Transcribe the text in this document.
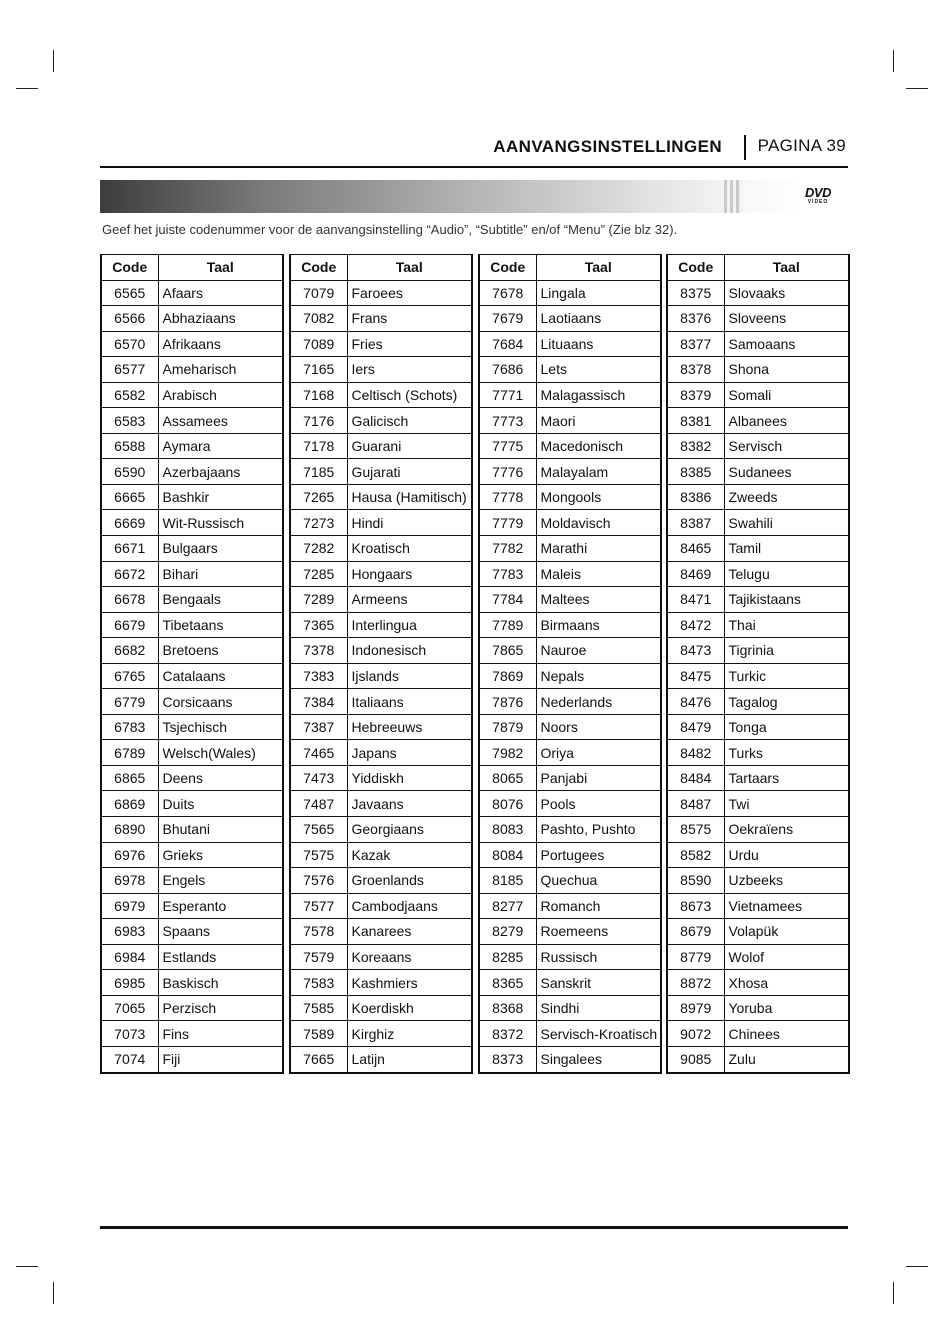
AANVANGSINSTELLINGEN PAGINA 39
DVD
VIDEO
Geef het juiste codenummer voor de aanvangsinstelling “Audio”, “Subtitle” en/of “Menu” (Zie blz 32).
Code	Taal
6565	Afaars
6566	Abhaziaans
6570	Afrikaans
6577	Ameharisch
6582	Arabisch
6583	Assamees
6588	Aymara
6590	Azerbajaans
6665	Bashkir
6669	Wit-Russisch
6671	Bulgaars
6672	Bihari
6678	Bengaals
6679	Tibetaans
6682	Bretoens
6765	Catalaans
6779	Corsicaans
6783	Tsjechisch
6789	Welsch(Wales)
6865	Deens
6869	Duits
6890	Bhutani
6976	Grieks
6978	Engels
6979	Esperanto
6983	Spaans
6984	Estlands
6985	Baskisch
7065	Perzisch
7073	Fins
7074	Fiji
Code	Taal
7079	Faroees
7082	Frans
7089	Fries
7165	Iers
7168	Celtisch (Schots)
7176	Galicisch
7178	Guarani
7185	Gujarati
7265	Hausa (Hamitisch)
7273	Hindi
7282	Kroatisch
7285	Hongaars
7289	Armeens
7365	Interlingua
7378	Indonesisch
7383	Ijslands
7384	Italiaans
7387	Hebreeuws
7465	Japans
7473	Yiddiskh
7487	Javaans
7565	Georgiaans
7575	Kazak
7576	Groenlands
7577	Cambodjaans
7578	Kanarees
7579	Koreaans
7583	Kashmiers
7585	Koerdiskh
7589	Kirghiz
7665	Latijn
Code	Taal
7678	Lingala
7679	Laotiaans
7684	Lituaans
7686	Lets
7771	Malagassisch
7773	Maori
7775	Macedonisch
7776	Malayalam
7778	Mongools
7779	Moldavisch
7782	Marathi
7783	Maleis
7784	Maltees
7789	Birmaans
7865	Nauroe
7869	Nepals
7876	Nederlands
7879	Noors
7982	Oriya
8065	Panjabi
8076	Pools
8083	Pashto, Pushto
8084	Portugees
8185	Quechua
8277	Romanch
8279	Roemeens
8285	Russisch
8365	Sanskrit
8368	Sindhi
8372	Servisch-Kroatisch
8373	Singalees
Code	Taal
8375	Slovaaks
8376	Sloveens
8377	Samoaans
8378	Shona
8379	Somali
8381	Albanees
8382	Servisch
8385	Sudanees
8386	Zweeds
8387	Swahili
8465	Tamil
8469	Telugu
8471	Tajikistaans
8472	Thai
8473	Tigrinia
8475	Turkic
8476	Tagalog
8479	Tonga
8482	Turks
8484	Tartaars
8487	Twi
8575	Oekraïens
8582	Urdu
8590	Uzbeeks
8673	Vietnamees
8679	Volapük
8779	Wolof
8872	Xhosa
8979	Yoruba
9072	Chinees
9085	Zulu
